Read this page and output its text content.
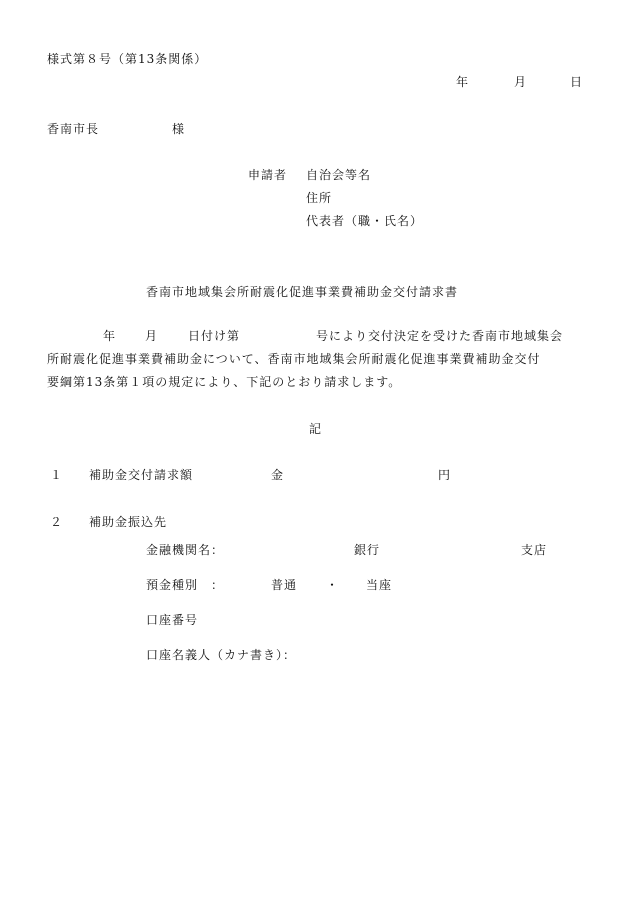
様式第８号（第13条関係）
年	月	日
香南市長	様
申請者 自治会等名
住所
代表者（職・氏名）
香南市地域集会所耐震化促進事業費補助金交付請求書
年 月 日付け第	号により交付決定を受けた香南市地域集会
所耐震化促進事業費補助金について、香南市地域集会所耐震化促進事業費補助金交付
要綱第13条第１項の規定により、下記のとおり請求します。
記
１ 補助金交付請求額	金	円
２ 補助金振込先
金融機関名：	銀行	支店
預金種別　：	普通 ・ 当座
口座番号
口座名義人（カナ書き）：
